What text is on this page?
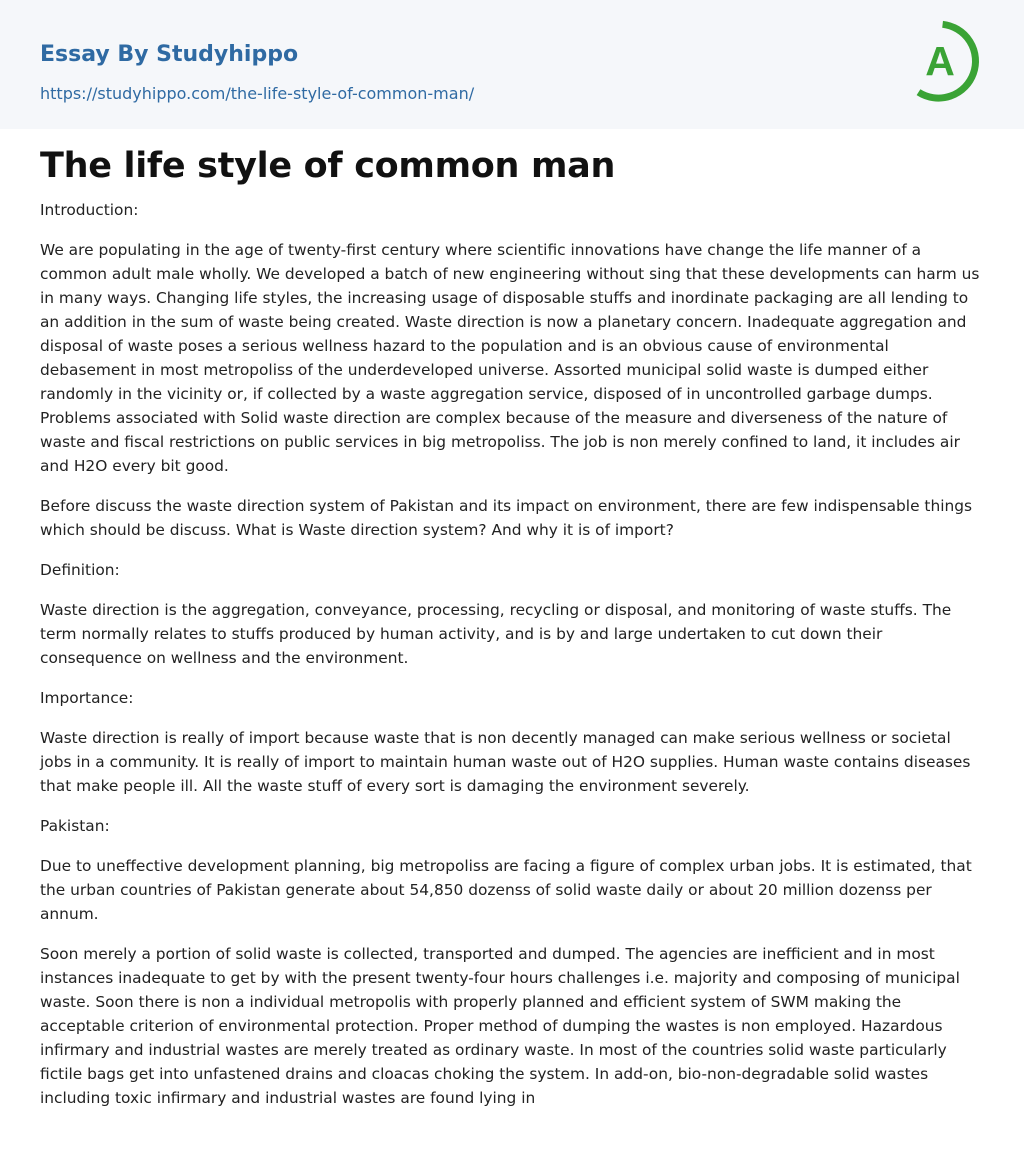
Essay By Studyhippo
https://studyhippo.com/the-life-style-of-common-man/
A
The life style of common man

Introduction:

We are populating in the age of twenty-first century where scientific innovations have change the life manner of a common adult male wholly. We developed a batch of new engineering without sing that these developments can harm us in many ways. Changing life styles, the increasing usage of disposable stuffs and inordinate packaging are all lending to an addition in the sum of waste being created. Waste direction is now a planetary concern. Inadequate aggregation and disposal of waste poses a serious wellness hazard to the population and is an obvious cause of environmental debasement in most metropoliss of the underdeveloped universe. Assorted municipal solid waste is dumped either randomly in the vicinity or, if collected by a waste aggregation service, disposed of in uncontrolled garbage dumps. Problems associated with Solid waste direction are complex because of the measure and diverseness of the nature of waste and fiscal restrictions on public services in big metropoliss. The job is non merely confined to land, it includes air and H2O every bit good.

Before discuss the waste direction system of Pakistan and its impact on environment, there are few indispensable things which should be discuss. What is Waste direction system? And why it is of import?

Definition:

Waste direction is the aggregation, conveyance, processing, recycling or disposal, and monitoring of waste stuffs. The term normally relates to stuffs produced by human activity, and is by and large undertaken to cut down their consequence on wellness and the environment.

Importance:

Waste direction is really of import because waste that is non decently managed can make serious wellness or societal jobs in a community. It is really of import to maintain human waste out of H2O supplies. Human waste contains diseases that make people ill. All the waste stuff of every sort is damaging the environment severely.

Pakistan:

Due to uneffective development planning, big metropoliss are facing a figure of complex urban jobs. It is estimated, that the urban countries of Pakistan generate about 54,850 dozenss of solid waste daily or about 20 million dozenss per annum.

Soon merely a portion of solid waste is collected, transported and dumped. The agencies are inefficient and in most instances inadequate to get by with the present twenty-four hours challenges i.e. majority and composing of municipal waste. Soon there is non a individual metropolis with properly planned and efficient system of SWM making the acceptable criterion of environmental protection. Proper method of dumping the wastes is non employed. Hazardous infirmary and industrial wastes are merely treated as ordinary waste. In most of the countries solid waste particularly fictile bags get into unfastened drains and cloacas choking the system. In add-on, bio-non-degradable solid wastes including toxic infirmary and industrial wastes are found lying in
